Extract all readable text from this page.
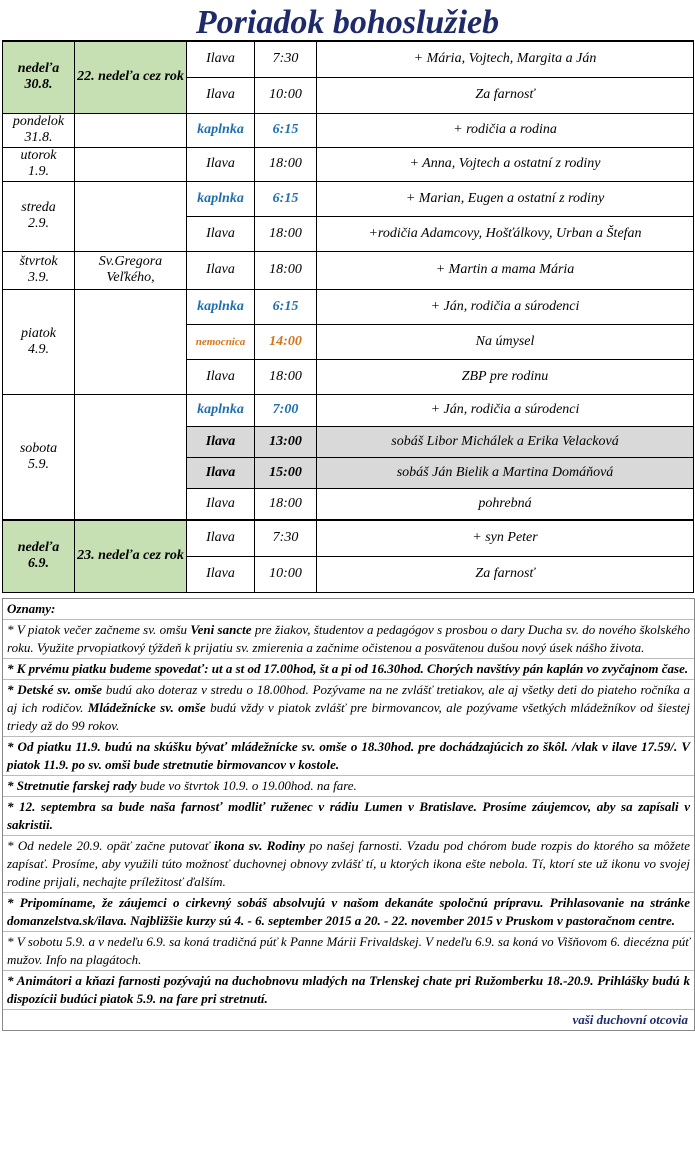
Poriadok bohoslužieb
nedeľa
30.8.	22. nedeľa cez rok	Ilava	7:30	+ Mária, Vojtech, Margita a Ján
		Ilava	10:00	Za farnosť
pondelok
31.8.		kaplnka	6:15	+ rodičia a rodina
utorok
1.9.		Ilava	18:00	+ Anna, Vojtech a ostatní z rodiny
streda
2.9.		kaplnka	6:15	+ Marian, Eugen a ostatní z rodiny
		Ilava	18:00	+rodičia Adamcovy, Hošťálkovy, Urban a Štefan
štvrtok
3.9.	Sv.Gregora Veľkého,	Ilava	18:00	+ Martin a mama Mária
piatok
4.9.		kaplnka	6:15	+ Ján, rodičia a súrodenci
		nemocnica	14:00	Na úmysel
		Ilava	18:00	ZBP pre rodinu
sobota
5.9.		kaplnka	7:00	+ Ján, rodičia a súrodenci
		Ilava	13:00	sobáš Libor Michálek a Erika Velacková
		Ilava	15:00	sobáš Ján Bielik a Martina Domáňová
		Ilava	18:00	pohrebná
nedeľa
6.9.	23. nedeľa cez rok	Ilava	7:30	+ syn Peter
		Ilava	10:00	Za farnosť
Oznamy:
* V piatok večer začneme sv. omšu Veni sancte pre žiakov, študentov a pedagógov s prosbou o dary Ducha sv. do nového školského roku. Využite prvopiatkový týždeň k prijatiu sv. zmierenia a začnime očistenou a posvätenou dušou nový úsek nášho života.
* K prvému piatku budeme spovedať: ut a st od 17.00hod, št a pi od 16.30hod. Chorých navštívy pán kaplán vo zvyčajnom čase.
* Detské sv. omše budú ako doteraz v stredu o 18.00hod. Pozývame na ne zvlášť tretiakov, ale aj všetky deti do piateho ročníka a aj ich rodičov. Mládežnícke sv. omše budú vždy v piatok zvlášť pre birmovancov, ale pozývame všetkých mládežníkov od šiestej triedy až do 99 rokov.
* Od piatku 11.9. budú na skúšku bývať mládežnícke sv. omše o 18.30hod. pre dochádzajúcich zo škôl. /vlak v ilave 17.59/. V piatok 11.9. po sv. omši bude stretnutie birmovancov v kostole.
* Stretnutie farskej rady bude vo štvrtok 10.9. o 19.00hod. na fare.
* 12. septembra sa bude naša farnosť modliť ruženec v rádiu Lumen v Bratislave. Prosíme záujemcov, aby sa zapísali v sakristii.
* Od nedele 20.9. opäť začne putovať ikona sv. Rodiny po našej farnosti. Vzadu pod chórom bude rozpis do ktorého sa môžete zapísať. Prosíme, aby využili túto možnosť duchovnej obnovy zvlášť tí, u ktorých ikona ešte nebola. Tí, ktorí ste už ikonu vo svojej rodine prijali, nechajte príležitosť ďalším.
* Pripomíname, že záujemci o cirkevný sobáš absolvujú v našom dekanáte spoločnú prípravu. Prihlasovanie na stránke domanzelstva.sk/ilava. Najbližšie kurzy sú 4. - 6. september 2015 a 20. - 22. november 2015 v Pruskom v pastoračnom centre.
* V sobotu 5.9. a v nedeľu 6.9. sa koná tradičná púť k Panne Márii Frivaldskej. V nedeľu 6.9. sa koná vo Višňovom 6. diecézna púť mužov. Info na plagátoch.
* Animátori a kňazi farnosti pozývajú na duchobnovu mladých na Trlenskej chate pri Ružomberku 18.-20.9. Prihlášky budú k dispozícii budúci piatok 5.9. na fare pri stretnutí.
vaši duchovní otcovia
